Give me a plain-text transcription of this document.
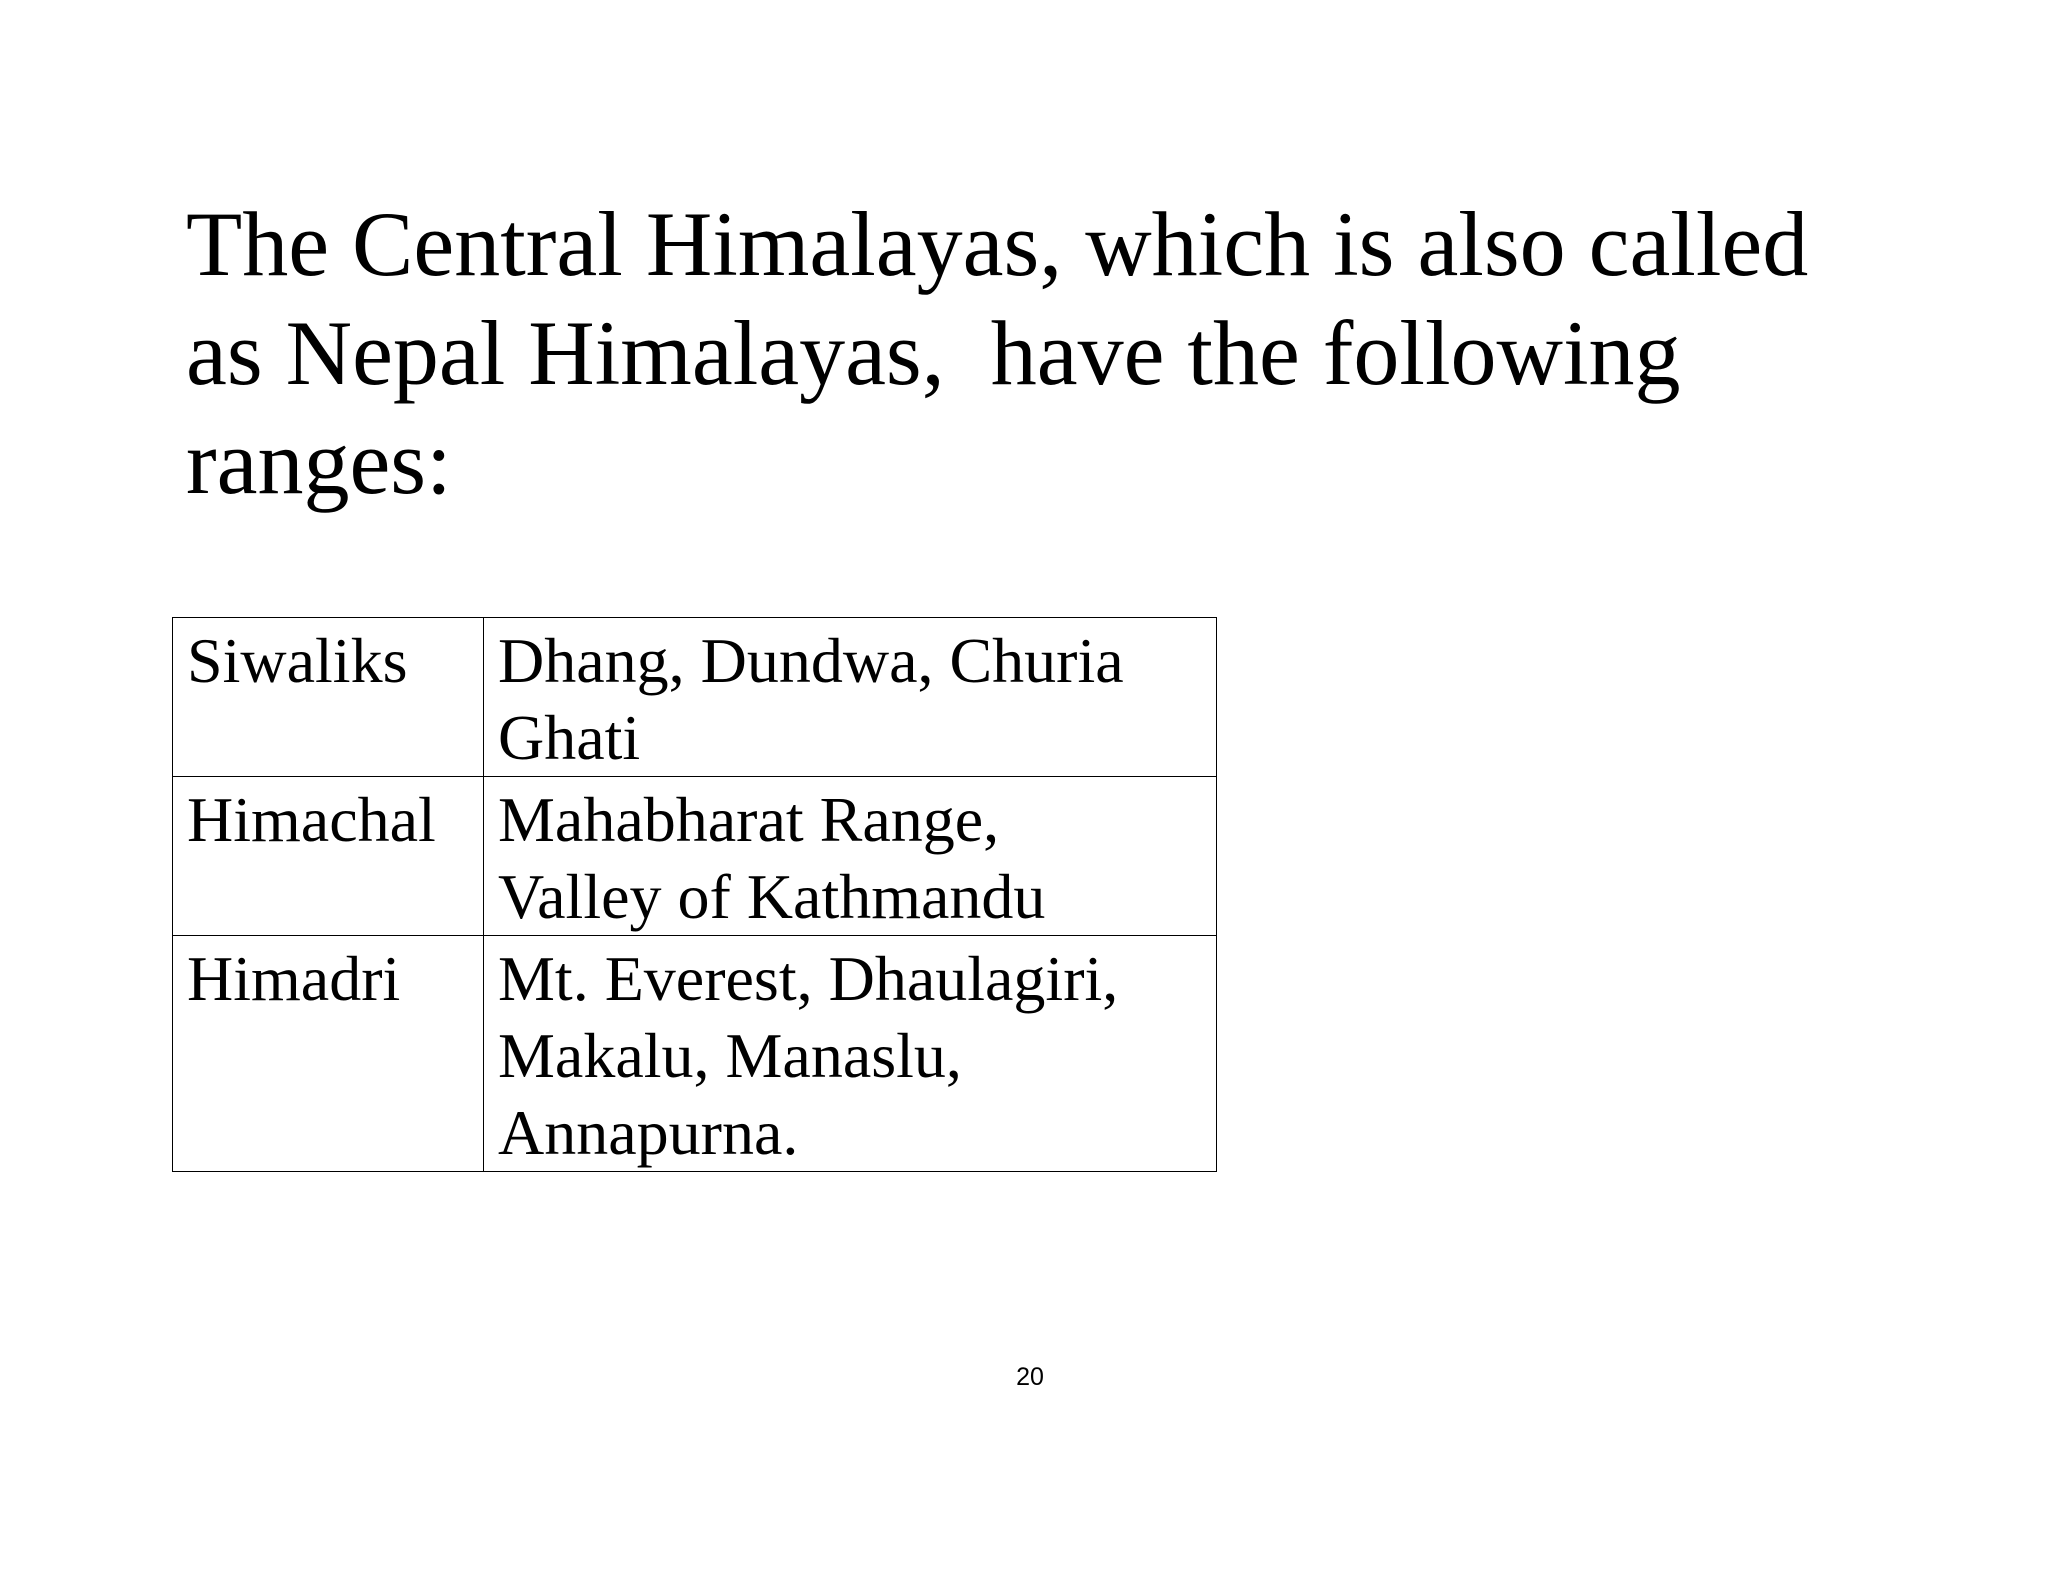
The Central Himalayas, which is also called
as Nepal Himalayas,  have the following
ranges:
Siwaliks	Dhang, Dundwa, Churia
Ghati

Himachal	Mahabharat Range,
Valley of Kathmandu

Himadri	Mt. Everest, Dhaulagiri,
Makalu, Manaslu,
Annapurna.
20
